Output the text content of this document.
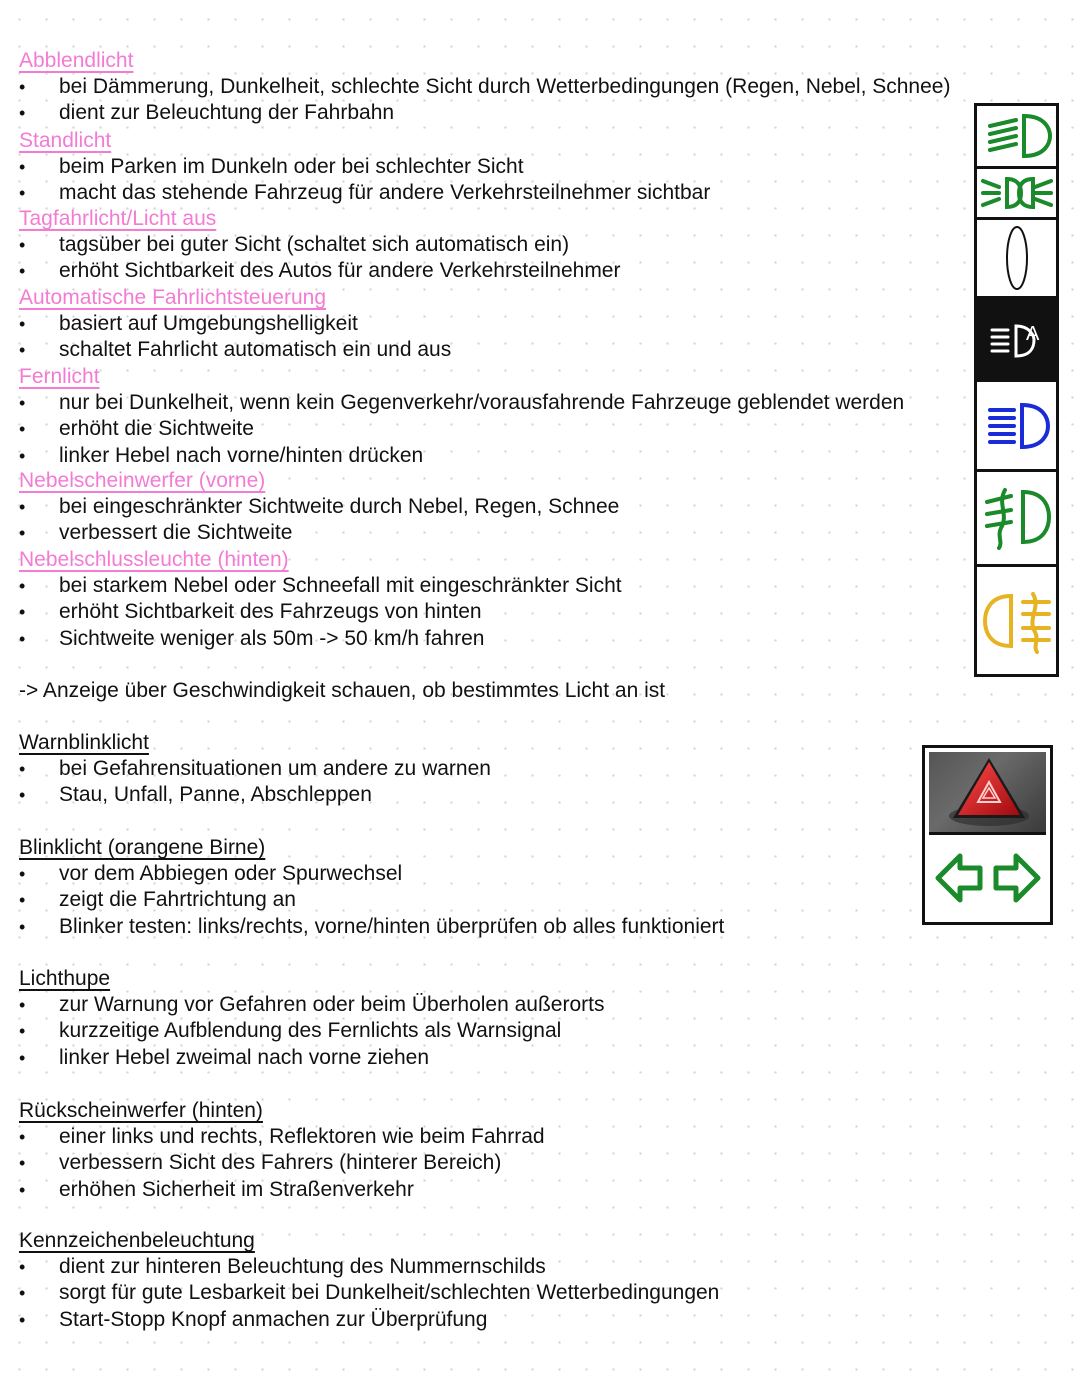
Abblendlicht
• bei Dämmerung, Dunkelheit, schlechte Sicht durch Wetterbedingungen (Regen, Nebel, Schnee)
• dient zur Beleuchtung der Fahrbahn
Standlicht
• beim Parken im Dunkeln oder bei schlechter Sicht
• macht das stehende Fahrzeug für andere Verkehrsteilnehmer sichtbar
Tagfahrlicht/Licht aus
• tagsüber bei guter Sicht (schaltet sich automatisch ein)
• erhöht Sichtbarkeit des Autos für andere Verkehrsteilnehmer
Automatische Fahrlichtsteuerung
• basiert auf Umgebungshelligkeit
• schaltet Fahrlicht automatisch ein und aus
Fernlicht
• nur bei Dunkelheit, wenn kein Gegenverkehr/vorausfahrende Fahrzeuge geblendet werden
• erhöht die Sichtweite
• linker Hebel nach vorne/hinten drücken
Nebelscheinwerfer (vorne)
• bei eingeschränkter Sichtweite durch Nebel, Regen, Schnee
• verbessert die Sichtweite
Nebelschlussleuchte (hinten)
• bei starkem Nebel oder Schneefall mit eingeschränkter Sicht
• erhöht Sichtbarkeit des Fahrzeugs von hinten
• Sichtweite weniger als 50m -> 50 km/h fahren
-> Anzeige über Geschwindigkeit schauen, ob bestimmtes Licht an ist
Warnblinklicht
• bei Gefahrensituationen um andere zu warnen
• Stau, Unfall, Panne, Abschleppen
Blinklicht (orangene Birne)
• vor dem Abbiegen oder Spurwechsel
• zeigt die Fahrtrichtung an
• Blinker testen: links/rechts, vorne/hinten überprüfen ob alles funktioniert
Lichthupe
• zur Warnung vor Gefahren oder beim Überholen außerorts
• kurzzeitige Aufblendung des Fernlichts als Warnsignal
• linker Hebel zweimal nach vorne ziehen
Rückscheinwerfer (hinten)
• einer links und rechts, Reflektoren wie beim Fahrrad
• verbessern Sicht des Fahrers (hinterer Bereich)
• erhöhen Sicherheit im Straßenverkehr
Kennzeichenbeleuchtung
• dient zur hinteren Beleuchtung des Nummernschilds
• sorgt für gute Lesbarkeit bei Dunkelheit/schlechten Wetterbedingungen
• Start-Stopp Knopf anmachen zur Überprüfung
A
